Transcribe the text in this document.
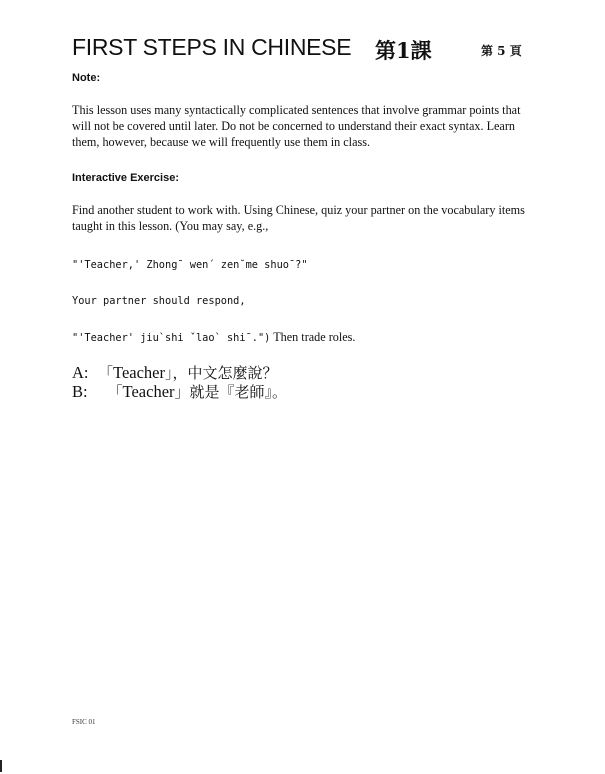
FIRST STEPS IN CHINESE 第1課	第 5 頁
Note:
This lesson uses many syntactically complicated sentences that involve grammar points that will not be covered until later. Do not be concerned to understand their exact syntax. Learn them, however, because we will frequently use them in class.
Interactive Exercise:
Find another student to work with. Using Chinese, quiz your partner on the vocabulary items taught in this lesson. (You may say, e.g.,
"'Teacher,' Zhong¯ wen´ zen˘me shuo¯?"
Your partner should respond,
"'Teacher' jiu`shi ˇlao` shi¯.") Then trade roles.
A: 「Teacher」，中文怎麼說？
B:  「Teacher」就是『老師』。
FSIC 01
